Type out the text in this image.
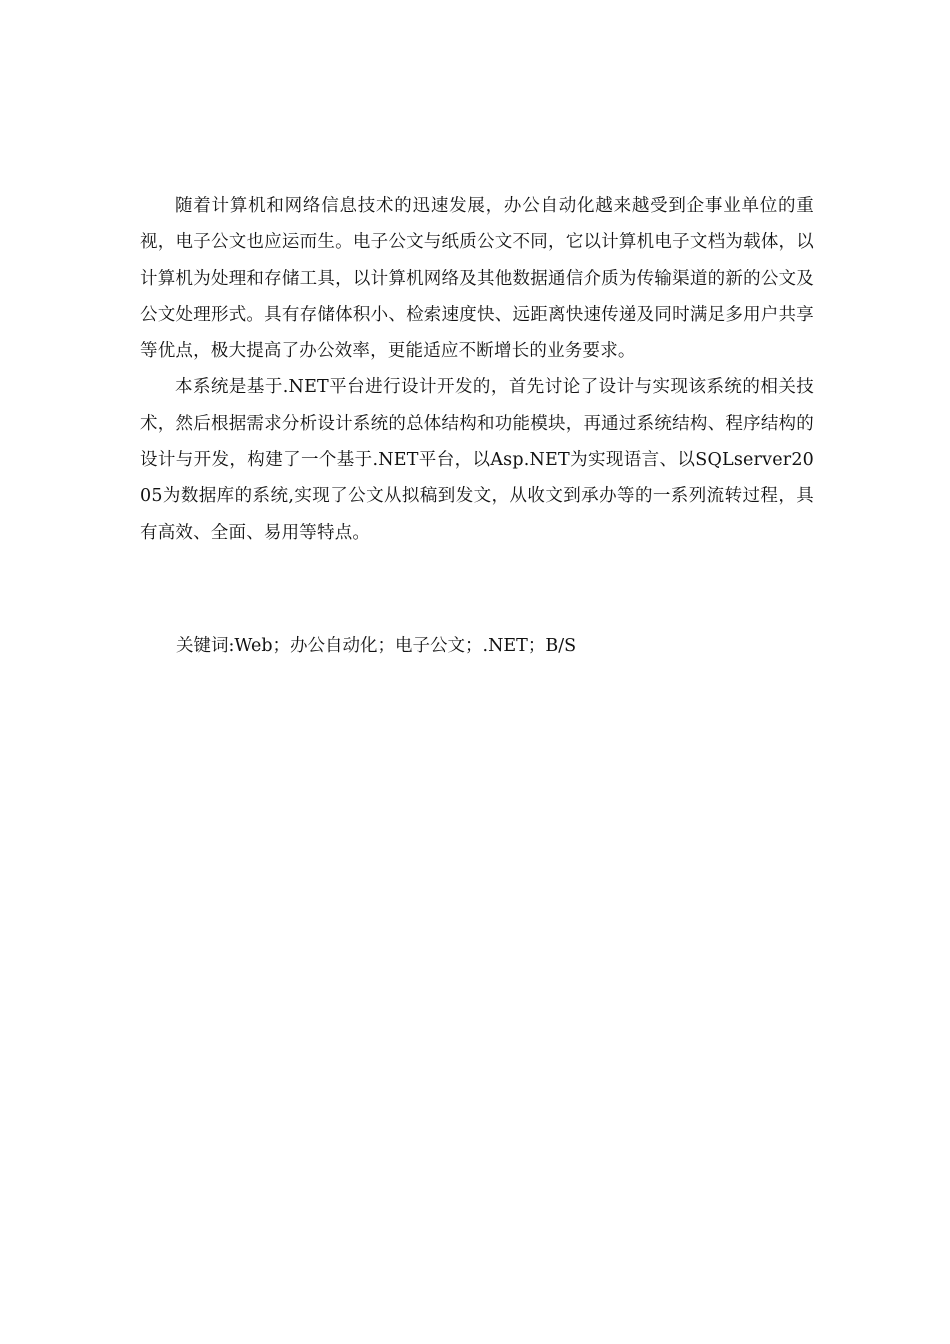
随着计算机和网络信息技术的迅速发展，办公自动化越来越受到企事业单位的重视，电子公文也应运而生。电子公文与纸质公文不同，它以计算机电子文档为载体，以计算机为处理和存储工具，以计算机网络及其他数据通信介质为传输渠道的新的公文及公文处理形式。具有存储体积小、检索速度快、远距离快速传递及同时满足多用户共享等优点，极大提高了办公效率，更能适应不断增长的业务要求。

本系统是基于.NET平台进行设计开发的，首先讨论了设计与实现该系统的相关技术，然后根据需求分析设计系统的总体结构和功能模块，再通过系统结构、程序结构的设计与开发，构建了一个基于.NET平台，以Asp.NET为实现语言、以SQLserver2005为数据库的系统,实现了公文从拟稿到发文，从收文到承办等的一系列流转过程，具有高效、全面、易用等特点。

关键词:Web；办公自动化；电子公文；.NET；B/S
